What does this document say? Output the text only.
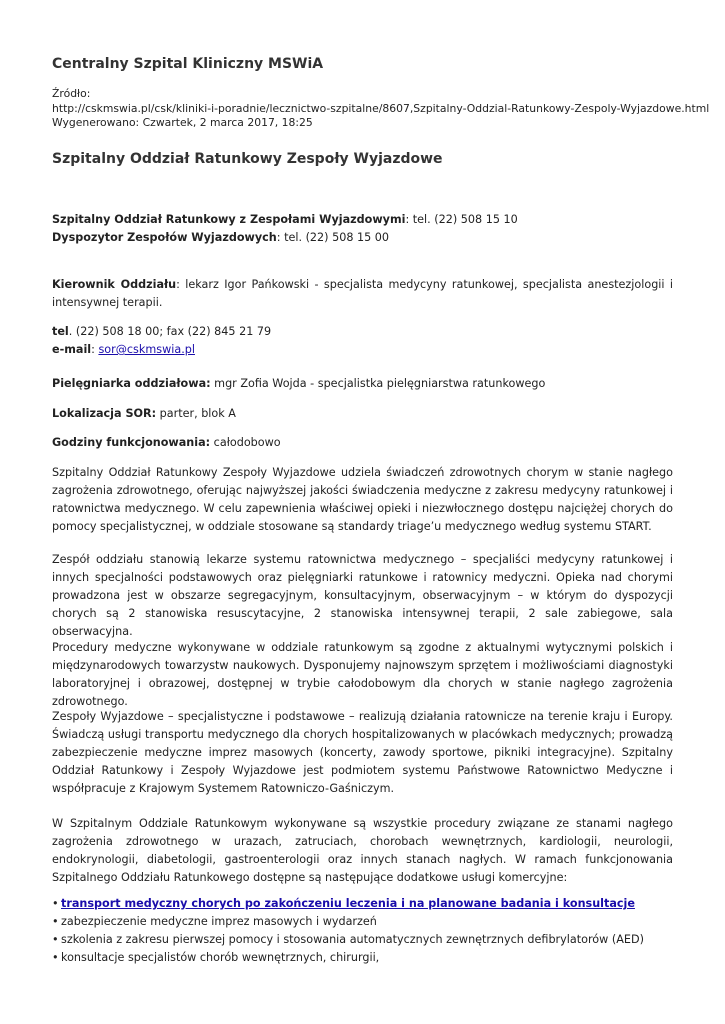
Centralny Szpital Kliniczny MSWiA
Źródło:
http://cskmswia.pl/csk/kliniki-i-poradnie/lecznictwo-szpitalne/8607,Szpitalny-Oddzial-Ratunkowy-Zespoly-Wyjazdowe.html
Wygenerowano: Czwartek, 2 marca 2017, 18:25
Szpitalny Oddział Ratunkowy Zespoły Wyjazdowe
Szpitalny Oddział Ratunkowy z Zespołami Wyjazdowymi: tel. (22) 508 15 10
Dyspozytor Zespołów Wyjazdowych: tel. (22) 508 15 00

Kierownik Oddziału: lekarz Igor Pańkowski - specjalista medycyny ratunkowej, specjalista anestezjologii i intensywnej terapii.

tel. (22) 508 18 00; fax (22) 845 21 79
e-mail: sor@cskmswia.pl

Pielęgniarka oddziałowa: mgr Zofia Wojda - specjalistka pielęgniarstwa ratunkowego

Lokalizacja SOR: parter, blok A

Godziny funkcjonowania: całodobowo

Szpitalny Oddział Ratunkowy Zespoły Wyjazdowe udziela świadczeń zdrowotnych chorym w stanie nagłego zagrożenia zdrowotnego, oferując najwyższej jakości świadczenia medyczne z zakresu medycyny ratunkowej i ratownictwa medycznego. W celu zapewnienia właściwej opieki i niezwłocznego dostępu najciężej chorych do pomocy specjalistycznej, w oddziale stosowane są standardy triage’u medycznego według systemu START.

Zespół oddziału stanowią lekarze systemu ratownictwa medycznego – specjaliści medycyny ratunkowej i innych specjalności podstawowych oraz pielęgniarki ratunkowe i ratownicy medyczni. Opieka nad chorymi prowadzona jest w obszarze segregacyjnym, konsultacyjnym, obserwacyjnym – w którym do dyspozycji chorych są 2 stanowiska resuscytacyjne, 2 stanowiska intensywnej terapii, 2 sale zabiegowe, sala obserwacyjna.

Procedury medyczne wykonywane w oddziale ratunkowym są zgodne z aktualnymi wytycznymi polskich i międzynarodowych towarzystw naukowych. Dysponujemy najnowszym sprzętem i możliwościami diagnostyki laboratoryjnej i obrazowej, dostępnej w trybie całodobowym dla chorych w stanie nagłego zagrożenia zdrowotnego.

Zespoły Wyjazdowe – specjalistyczne i podstawowe – realizują działania ratownicze na terenie kraju i Europy. Świadczą usługi transportu medycznego dla chorych hospitalizowanych w placówkach medycznych; prowadzą zabezpieczenie medyczne imprez masowych (koncerty, zawody sportowe, pikniki integracyjne). Szpitalny Oddział Ratunkowy i Zespoły Wyjazdowe jest podmiotem systemu Państwowe Ratownictwo Medyczne i współpracuje z Krajowym Systemem Ratowniczo-Gaśniczym.

W Szpitalnym Oddziale Ratunkowym wykonywane są wszystkie procedury związane ze stanami nagłego zagrożenia zdrowotnego w urazach, zatruciach, chorobach wewnętrznych, kardiologii, neurologii, endokrynologii, diabetologii, gastroenterologii oraz innych stanach nagłych. W ramach funkcjonowania Szpitalnego Oddziału Ratunkowego dostępne są następujące dodatkowe usługi komercyjne:

• transport medyczny chorych po zakończeniu leczenia i na planowane badania i konsultacje
• zabezpieczenie medyczne imprez masowych i wydarzeń
• szkolenia z zakresu pierwszej pomocy i stosowania automatycznych zewnętrznych defibrylatorów (AED)
• konsultacje specjalistów chorób wewnętrznych, chirurgii,
